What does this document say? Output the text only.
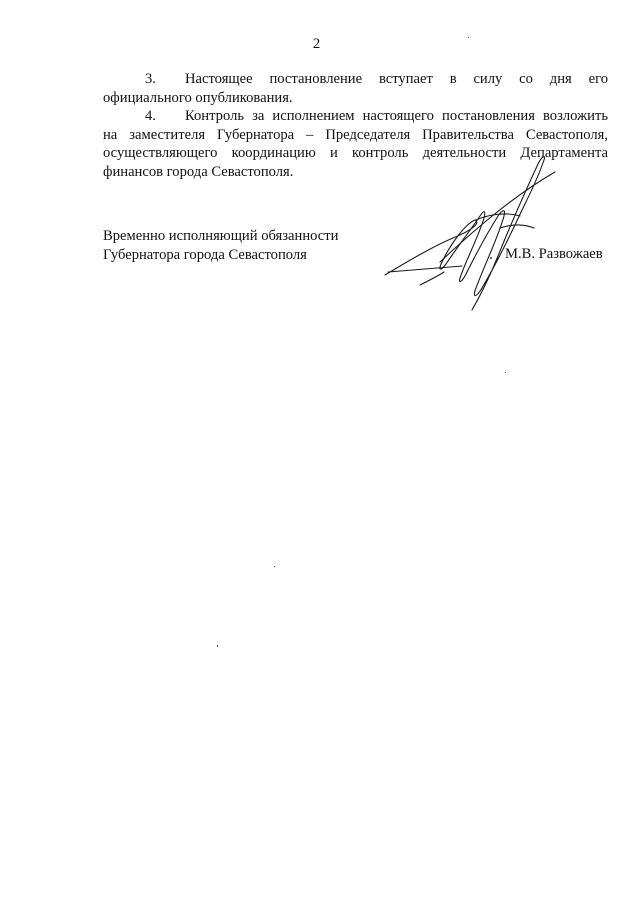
2
3. Настоящее постановление вступает в силу со дня его
официального опубликования.
4. Контроль за исполнением настоящего постановления возложить
на заместителя Губернатора – Председателя Правительства Севастополя,
осуществляющего координацию и контроль деятельности Департамента
финансов города Севастополя.
Временно исполняющий обязанности
Губернатора города Севастополя	М.В. Развожаев
